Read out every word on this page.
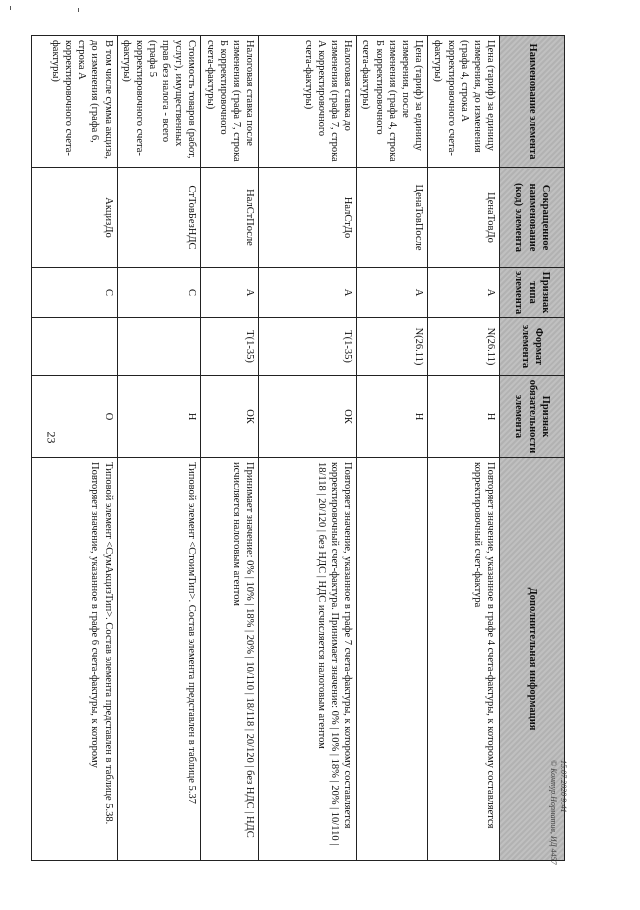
23
Наименование элемента	Сокращенное наименование (код) элемента	Признак типа элемента	Формат элемента	Признак обязательности элемента	Дополнительная информация
Цена (тариф) за единицу измерения, до изменения (графа 4, строка А корректировочного счета-фактуры)	ЦенаТовДо	А	N(26.11)	Н	Повторяет значение, указанное в графе 4 счета-фактуры, к которому составляется корректировочный счет-фактура
Цена (тариф) за единицу измерения, после изменения (графа 4, строка Б корректировочного счета-фактуры)	ЦенаТовПосле	А	N(26.11)	Н	
Налоговая ставка до изменения (графа 7, строка А корректировочного счета-фактуры)	НалСтДо	А	T(1-35)	ОК	Повторяет значение, указанное в графе 7 счета-фактуры, к которому составляется корректировочный счет-фактура. Принимает значение: 0% | 10% | 18% | 20% | 10/110 | 18/118 | 20/120 | без НДС | НДС исчисляется налоговым агентом
Налоговая ставка после изменения (графа 7, строка Б корректировочного счета-фактуры)	НалСтПосле	А	T(1-35)	ОК	Принимает значение: 0% | 10% | 18% | 20% | 10/110 | 18/118 | 20/120 | без НДС | НДС исчисляется налоговым агентом
Стоимость товаров (работ, услуг), имущественных прав без налога - всего (графа 5 корректировочного счета-фактуры)	СтТовБезНДС	С		Н	Типовой элемент <СтоимТип>. Состав элемента представлен в таблице 5.37
В том числе сумма акциза, до изменения (графа 6, строка А корректировочного счета-фактуры)	АкцизДо	С		О	Типовой элемент <СумАкцизТип>. Состав элемента представлен в таблице 5.38. Повторяет значение, указанное в графе 6 счета-фактуры, к которому
15.07.2020 9:41
© Контур.Норматив, ИД 4457
